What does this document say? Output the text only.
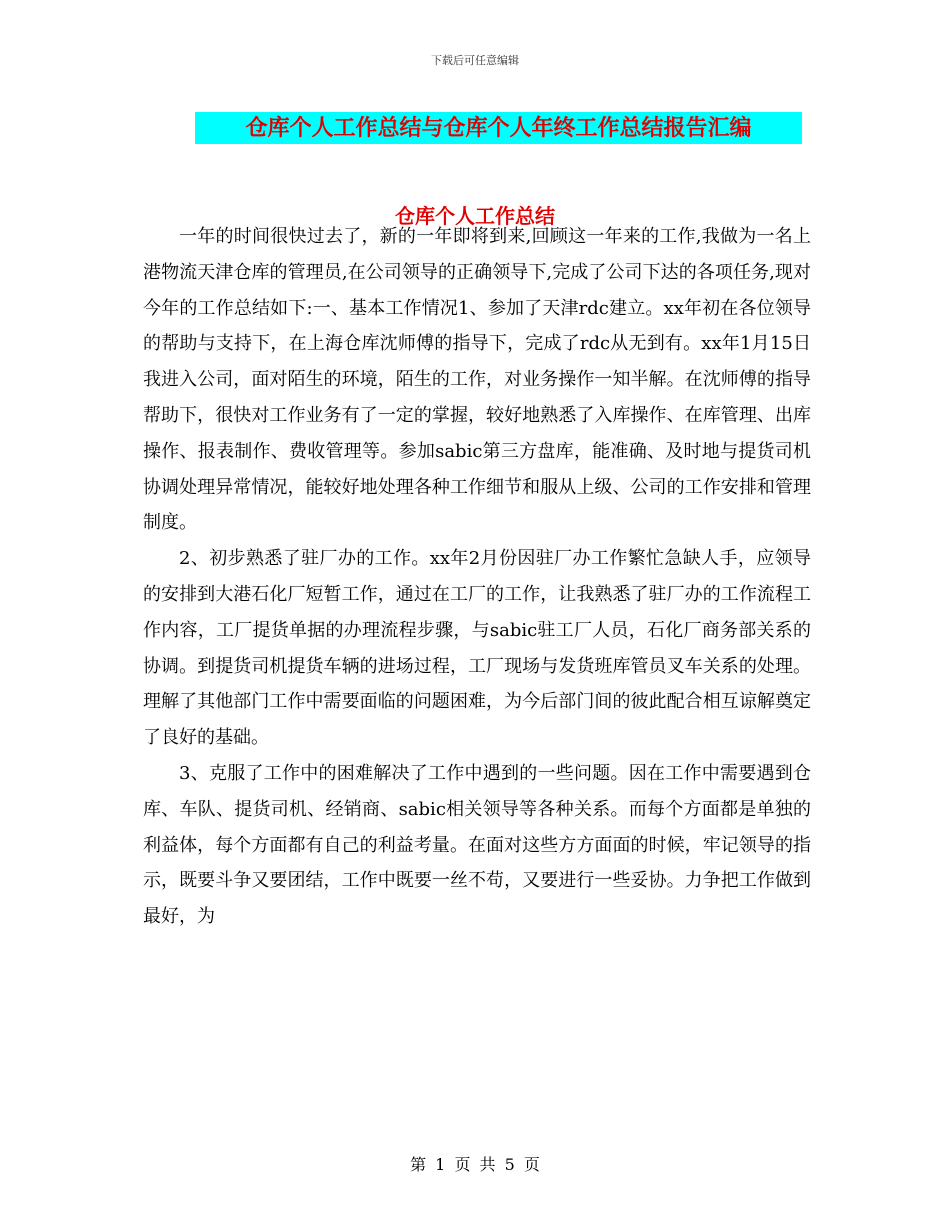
下载后可任意编辑
仓库个人工作总结与仓库个人年终工作总结报告汇编
仓库个人工作总结

一年的时间很快过去了，新的一年即将到来,回顾这一年来的工作,我做为一名上港物流天津仓库的管理员,在公司领导的正确领导下,完成了公司下达的各项任务,现对今年的工作总结如下:一、基本工作情况1、参加了天津rdc建立。xx年初在各位领导的帮助与支持下，在上海仓库沈师傅的指导下，完成了rdc从无到有。xx年1月15日我进入公司，面对陌生的环境，陌生的工作，对业务操作一知半解。在沈师傅的指导帮助下，很快对工作业务有了一定的掌握，较好地熟悉了入库操作、在库管理、出库操作、报表制作、费收管理等。参加sabic第三方盘库，能准确、及时地与提货司机协调处理异常情况，能较好地处理各种工作细节和服从上级、公司的工作安排和管理制度。

2、初步熟悉了驻厂办的工作。xx年2月份因驻厂办工作繁忙急缺人手，应领导的安排到大港石化厂短暂工作，通过在工厂的工作，让我熟悉了驻厂办的工作流程工作内容，工厂提货单据的办理流程步骤，与sabic驻工厂人员，石化厂商务部关系的协调。到提货司机提货车辆的进场过程，工厂现场与发货班库管员叉车关系的处理。理解了其他部门工作中需要面临的问题困难，为今后部门间的彼此配合相互谅解奠定了良好的基础。

3、克服了工作中的困难解决了工作中遇到的一些问题。因在工作中需要遇到仓库、车队、提货司机、经销商、sabic相关领导等各种关系。而每个方面都是单独的利益体，每个方面都有自己的利益考量。在面对这些方方面面的时候，牢记领导的指示，既要斗争又要团结，工作中既要一丝不苟，又要进行一些妥协。力争把工作做到最好，为

第 1 页 共 5 页
